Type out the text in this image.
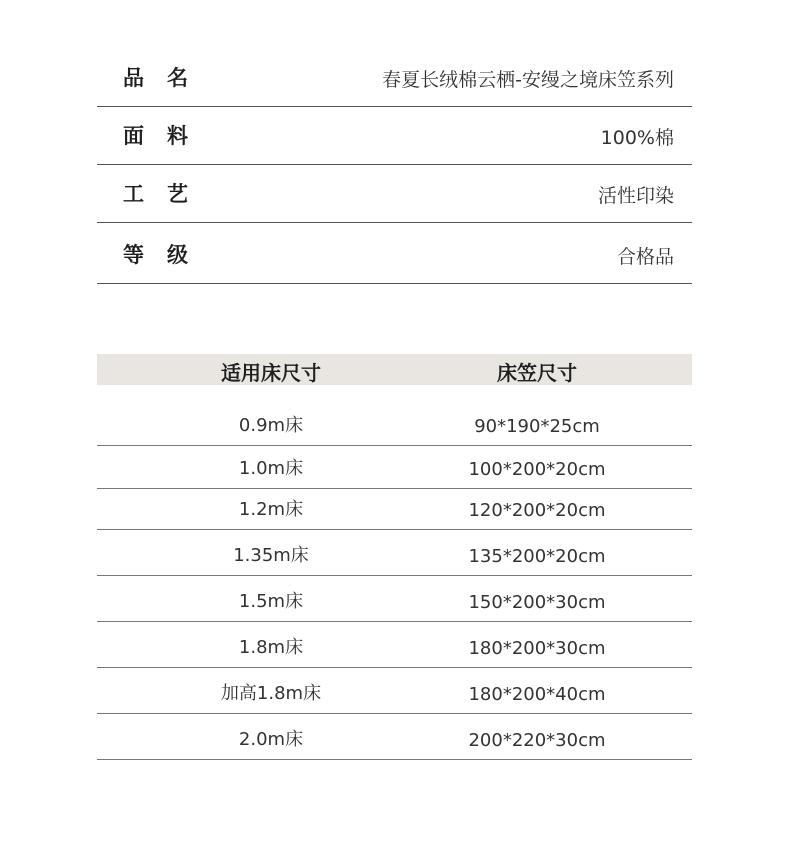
品名	春夏长绒棉云栖-安缦之境床笠系列
面料	100%棉
工艺	活性印染
等级	合格品
适用床尺寸	床笠尺寸
0.9m床	90*190*25cm
1.0m床	100*200*20cm
1.2m床	120*200*20cm
1.35m床	135*200*20cm
1.5m床	150*200*30cm
1.8m床	180*200*30cm
加高1.8m床	180*200*40cm
2.0m床	200*220*30cm
